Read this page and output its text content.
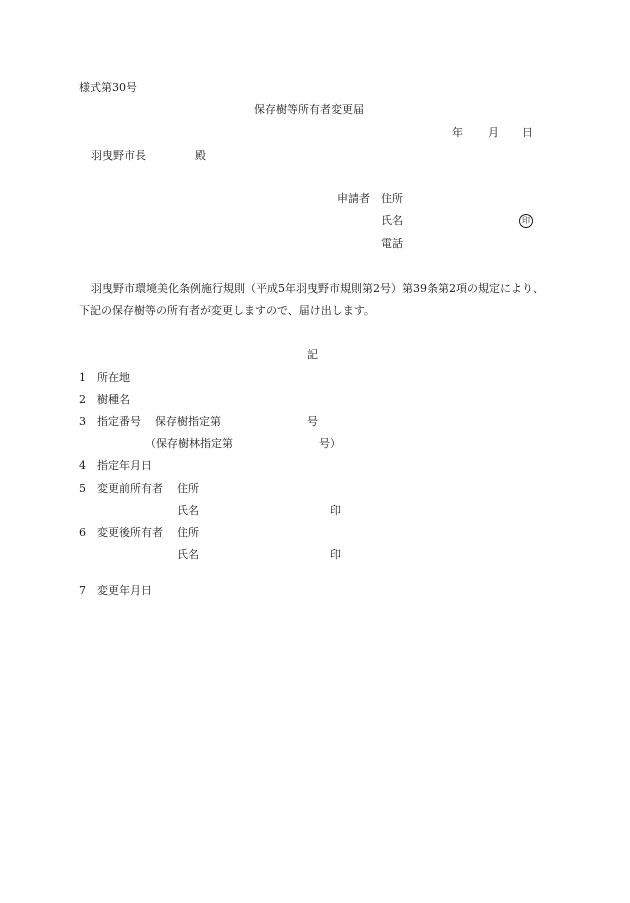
様式第30号
保存樹等所有者変更届
年 月 日
羽曳野市長	殿
申請者 住所
氏名	印
電話
羽曳野市環境美化条例施行規則（平成5年羽曳野市規則第2号）第39条第2項の規定により、
下記の保存樹等の所有者が変更しますので、届け出します。
記
1 所在地
2 樹種名
3 指定番号 保存樹指定第	号
（保存樹林指定第	号）
4 指定年月日
5 変更前所有者 住所
氏名	印
6 変更後所有者 住所
氏名	印
7 変更年月日
